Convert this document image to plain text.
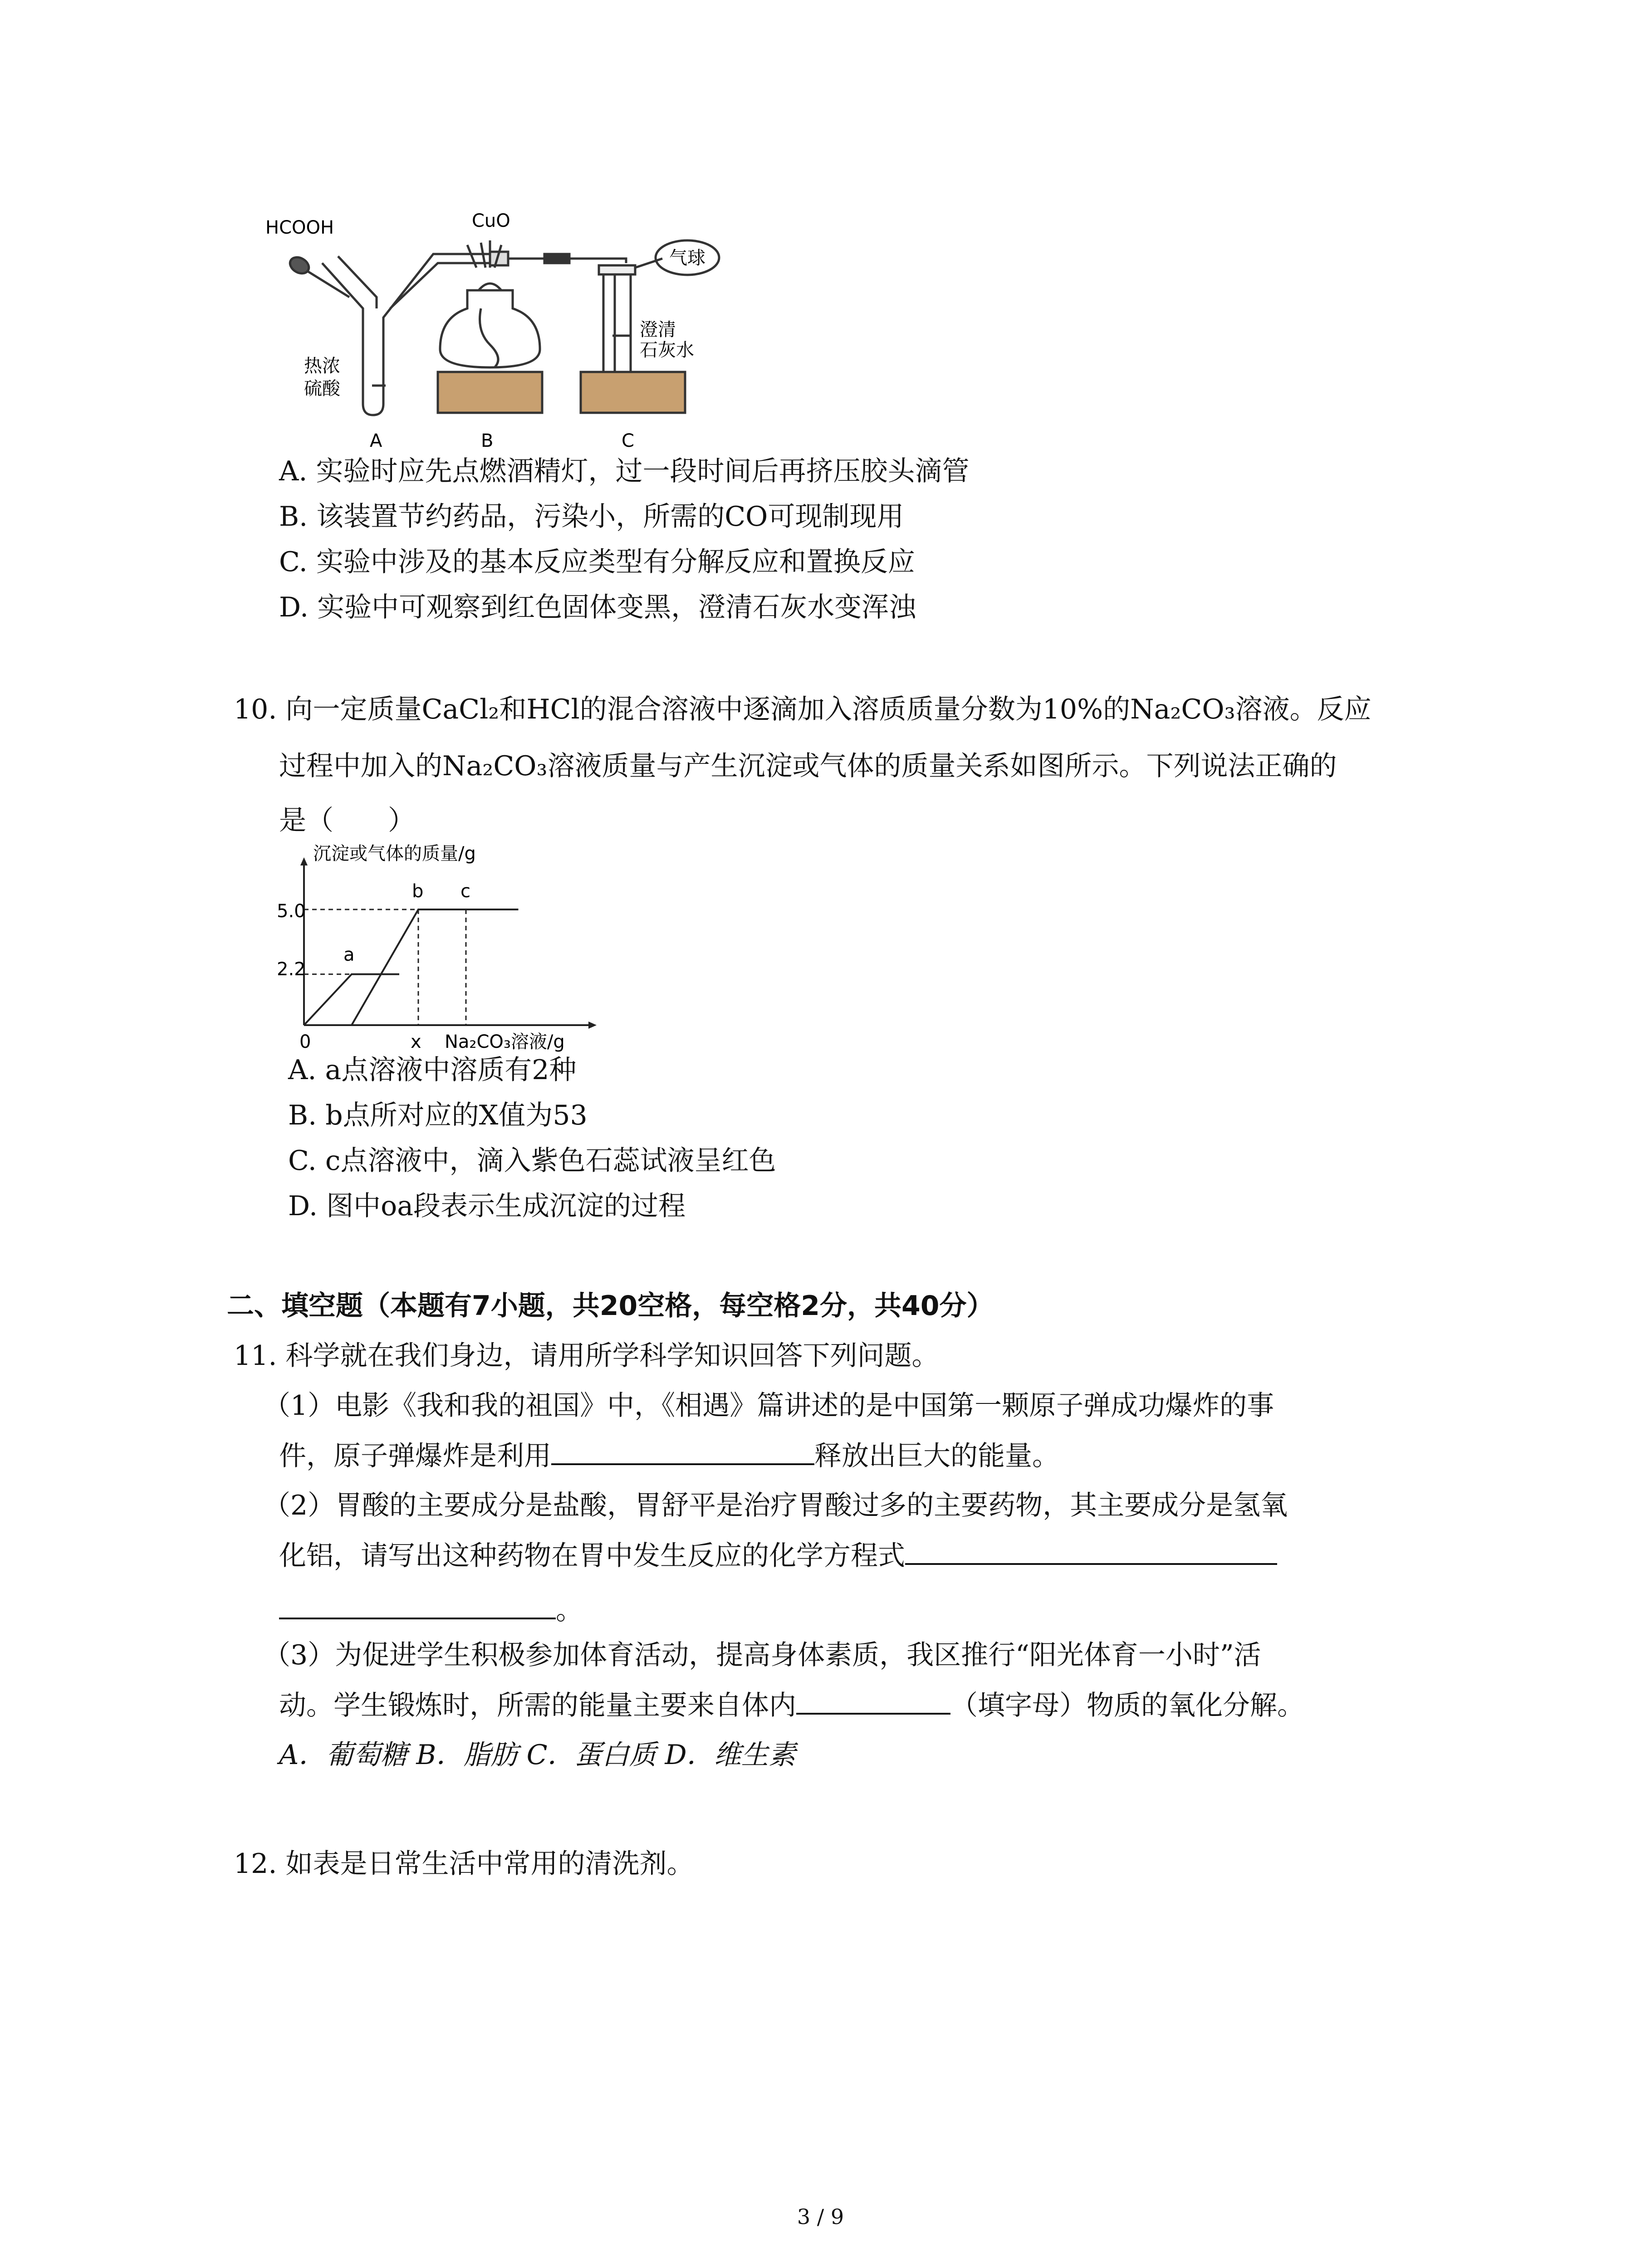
HCOOH	CuO
气球
热浓
硫酸
澄清
石灰水
A	B	C
A. 实验时应先点燃酒精灯，过一段时间后再挤压胶头滴管
B. 该装置节约药品，污染小，所需的CO可现制现用
C. 实验中涉及的基本反应类型有分解反应和置换反应
D. 实验中可观察到红色固体变黑，澄清石灰水变浑浊
10. 向一定质量CaCl₂和HCl的混合溶液中逐滴加入溶质质量分数为10%的Na₂CO₃溶液。反应
过程中加入的Na₂CO₃溶液质量与产生沉淀或气体的质量关系如图所示。下列说法正确的
是（　　）
沉淀或气体的质量/g
2.2
5.0
0	x Na₂CO₃溶液/g
a
b c
A. a点溶液中溶质有2种
B. b点所对应的X值为53
C. c点溶液中，滴入紫色石蕊试液呈红色
D. 图中oa段表示生成沉淀的过程
二、填空题（本题有7小题，共20空格，每空格2分，共40分）
11. 科学就在我们身边，请用所学科学知识回答下列问题。
（1）电影《我和我的祖国》中，《相遇》篇讲述的是中国第一颗原子弹成功爆炸的事
件，原子弹爆炸是利用	释放出巨大的能量。
（2）胃酸的主要成分是盐酸，胃舒平是治疗胃酸过多的主要药物，其主要成分是氢氧
化铝，请写出这种药物在胃中发生反应的化学方程式
。
（3）为促进学生积极参加体育活动，提高身体素质，我区推行“阳光体育一小时”活
动。学生锻炼时，所需的能量主要来自体内	（填字母）物质的氧化分解。
A．葡萄糖 B．脂肪 C．蛋白质 D．维生素
12. 如表是日常生活中常用的清洗剂。
3 / 9
